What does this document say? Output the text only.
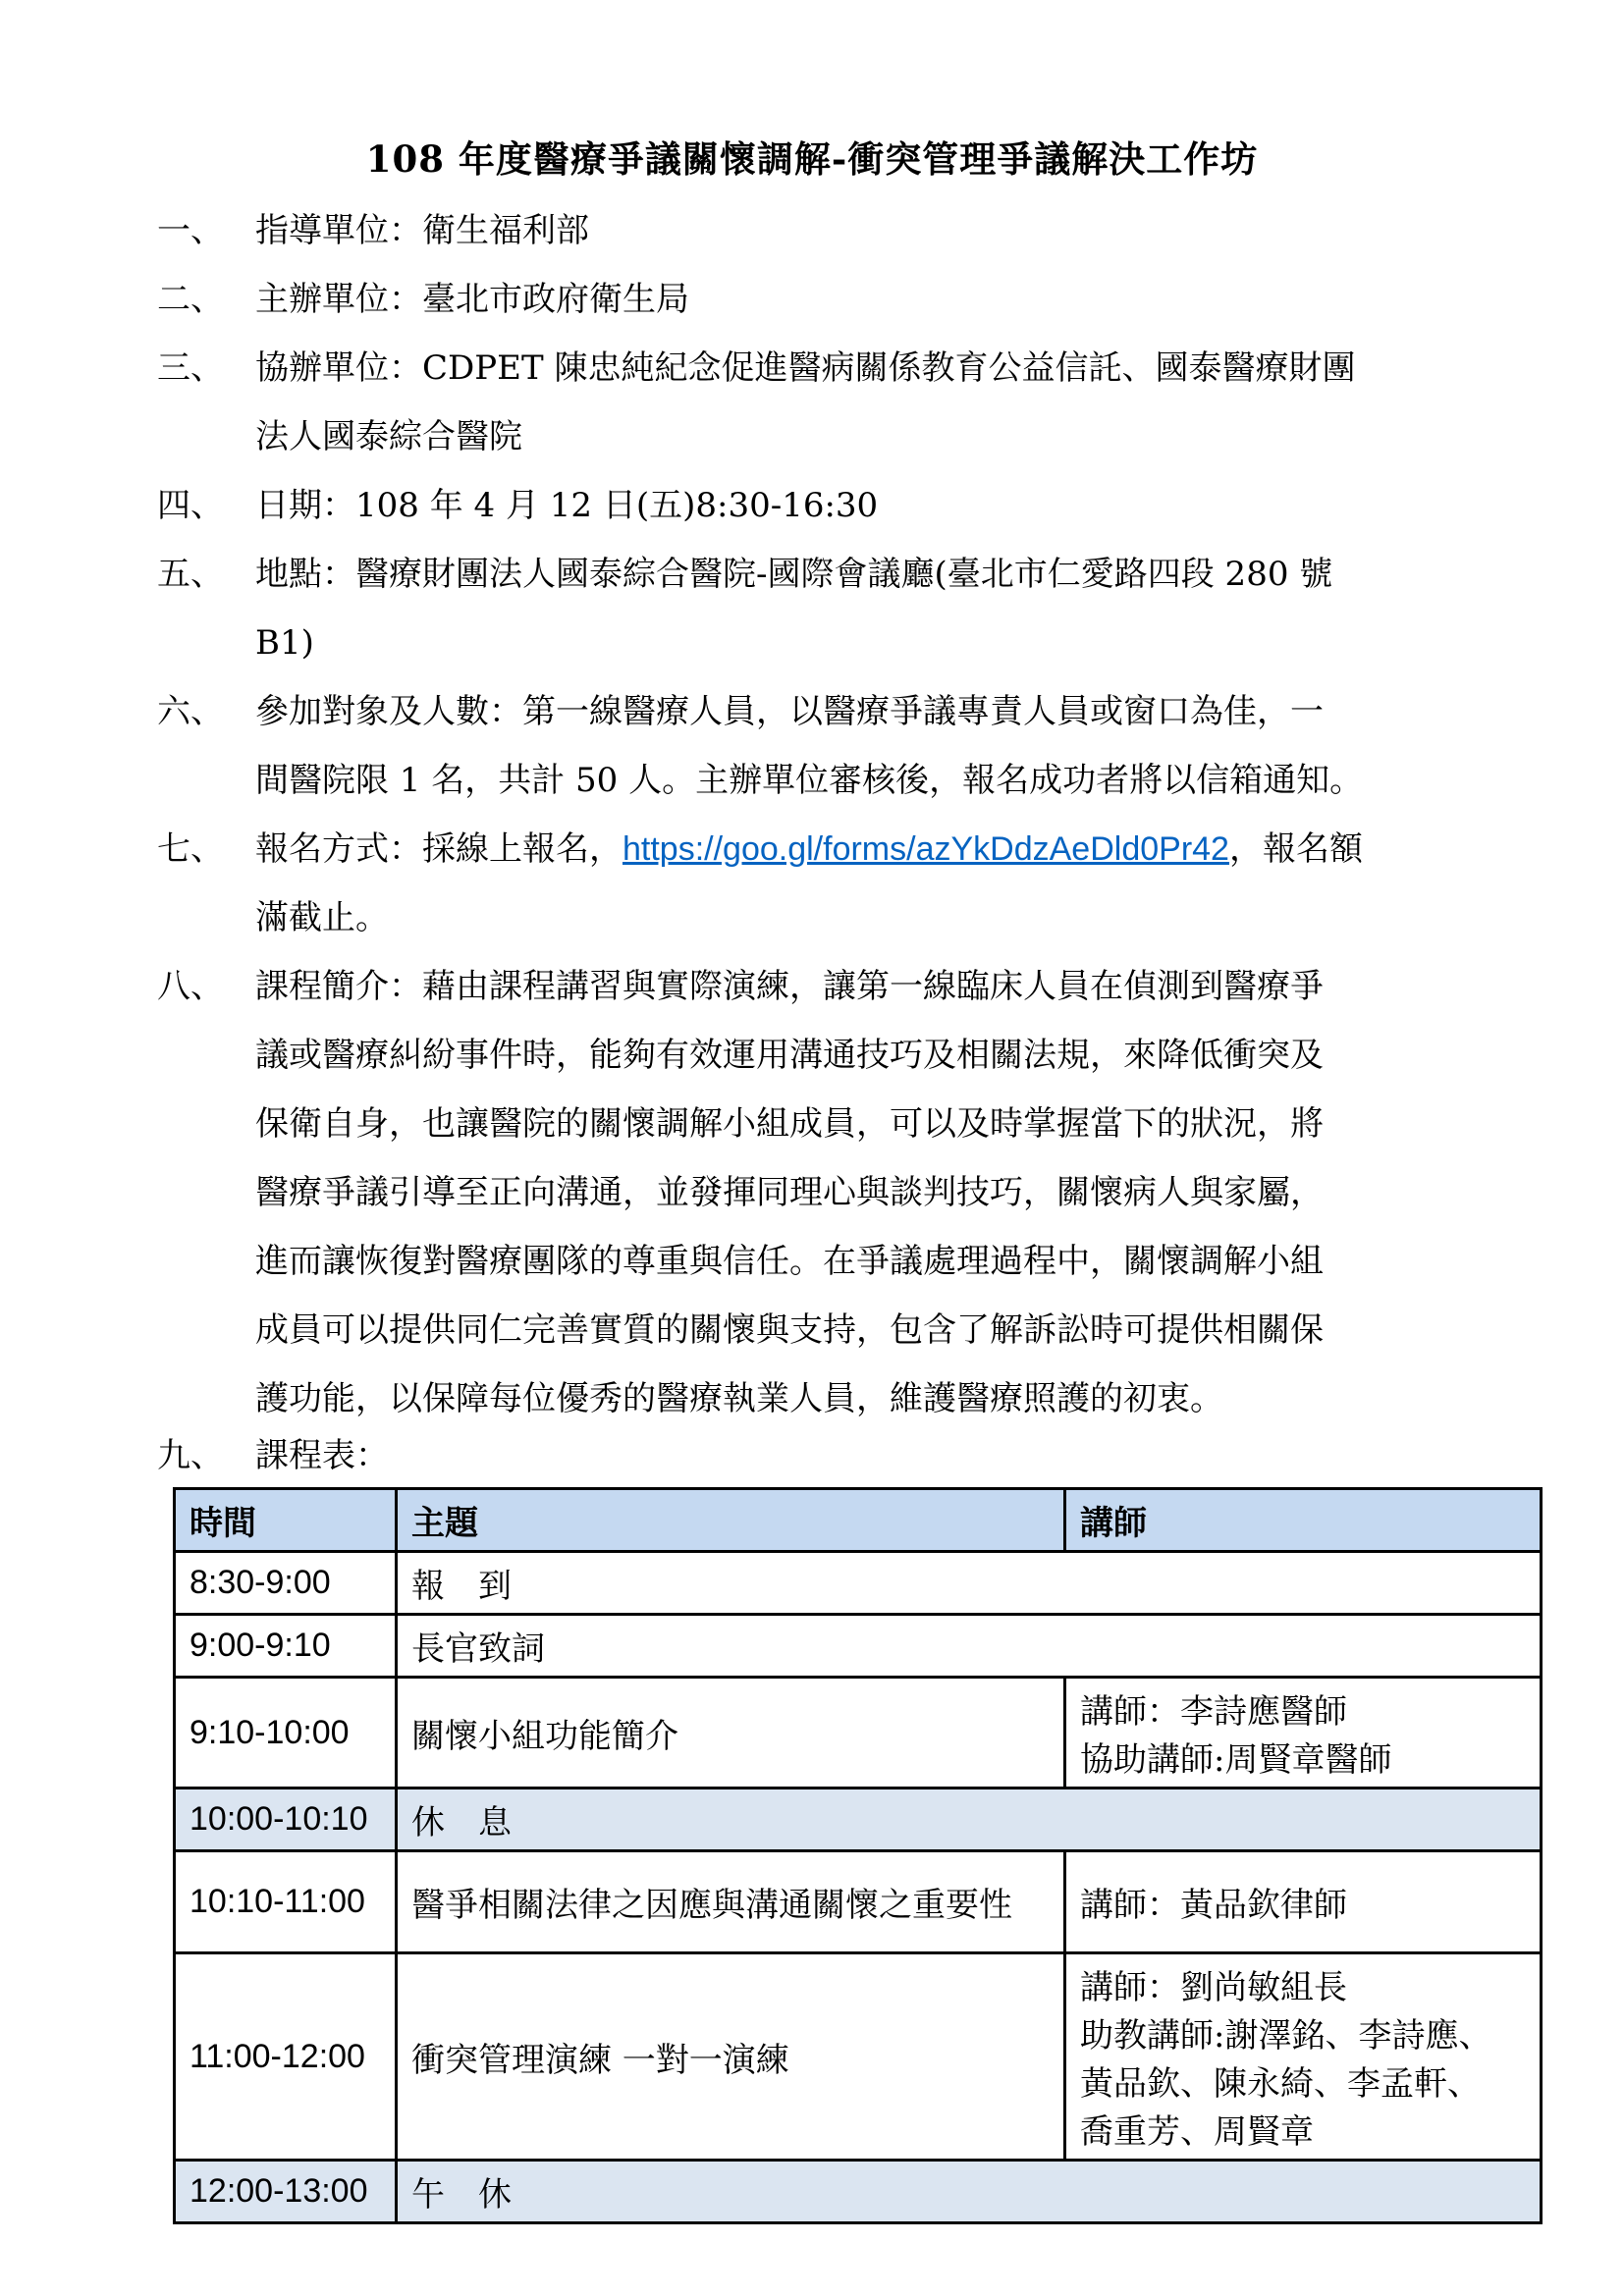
108 年度醫療爭議關懷調解-衝突管理爭議解決工作坊
一、 指導單位：衛生福利部
二、 主辦單位：臺北市政府衛生局
三、 協辦單位：CDPET 陳忠純紀念促進醫病關係教育公益信託、國泰醫療財團
法人國泰綜合醫院
四、 日期：108 年 4 月 12 日(五)8:30-16:30
五、 地點：醫療財團法人國泰綜合醫院-國際會議廳(臺北市仁愛路四段 280 號
B1)
六、 參加對象及人數：第一線醫療人員，以醫療爭議專責人員或窗口為佳，一
間醫院限 1 名，共計 50 人。主辦單位審核後，報名成功者將以信箱通知。
七、 報名方式：採線上報名，https://goo.gl/forms/azYkDdzAeDld0Pr42，報名額
滿截止。
八、 課程簡介：藉由課程講習與實際演練，讓第一線臨床人員在偵測到醫療爭
議或醫療糾紛事件時，能夠有效運用溝通技巧及相關法規，來降低衝突及
保衛自身，也讓醫院的關懷調解小組成員，可以及時掌握當下的狀況，將
醫療爭議引導至正向溝通，並發揮同理心與談判技巧，關懷病人與家屬，
進而讓恢復對醫療團隊的尊重與信任。在爭議處理過程中，關懷調解小組
成員可以提供同仁完善實質的關懷與支持，包含了解訴訟時可提供相關保
護功能，以保障每位優秀的醫療執業人員，維護醫療照護的初衷。
九、 課程表：
時間	主題	講師
8:30-9:00	報　到	
9:00-9:10	長官致詞	
9:10-10:00	關懷小組功能簡介	講師：李詩應醫師
協助講師:周賢章醫師

10:00-10:10	休　息	
10:10-11:00	醫爭相關法律之因應與溝通關懷之重要性	講師：黃品欽律師

11:00-12:00	衝突管理演練 一對一演練	講師：劉尚敏組長
助教講師:謝澤銘、李詩應、
黃品欽、陳永綺、李孟軒、
喬重芳、周賢章

12:00-13:00	午　休	
